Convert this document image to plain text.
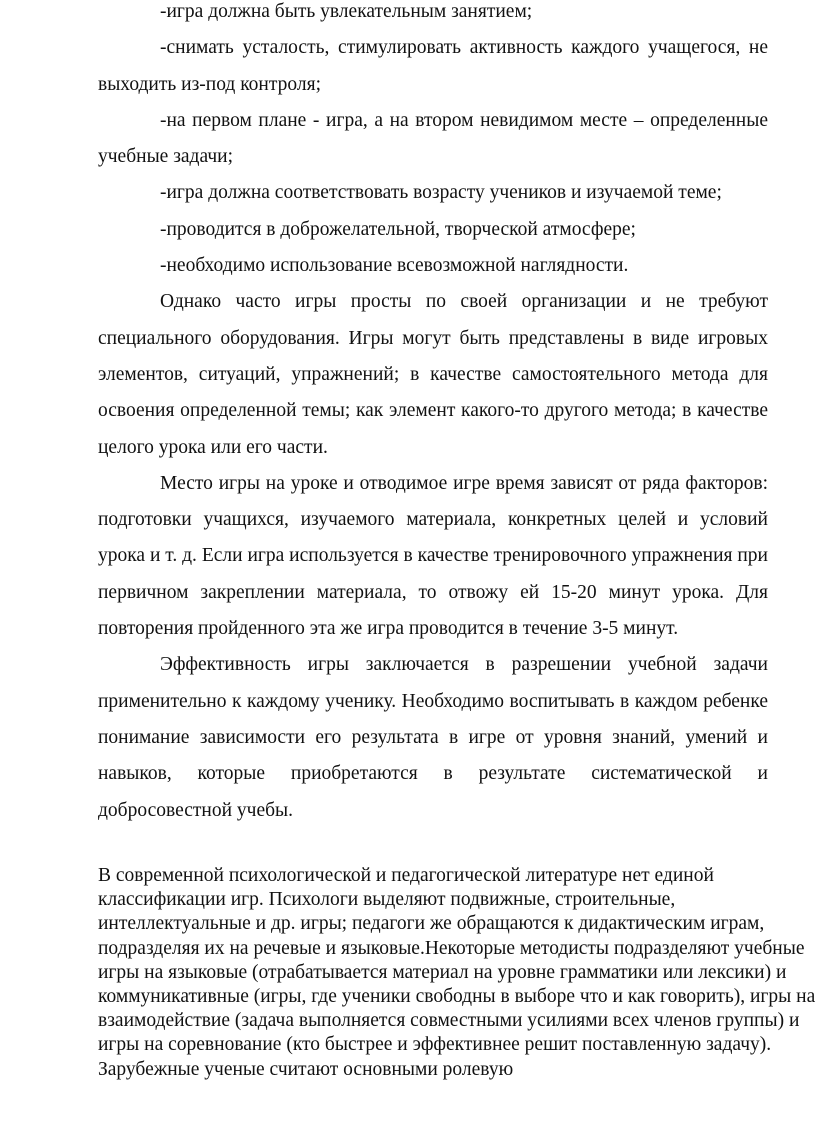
-игра должна быть увлекательным занятием;

-снимать усталость, стимулировать активность каждого учащегося, не выходить из-под контроля;

-на первом плане - игра, а на втором невидимом месте – определенные учебные задачи;

-игра должна соответствовать возрасту учеников и изучаемой теме;

-проводится в доброжелательной, творческой атмосфере;

-необходимо использование всевозможной наглядности.

Однако часто игры просты по своей организации и не требуют специального оборудования. Игры могут быть представлены в виде игровых элементов, ситуаций, упражнений; в качестве самостоятельного метода для освоения определенной темы; как элемент какого-то другого метода; в качестве целого урока или его части.

Место игры на уроке и отводимое игре время зависят от ряда факторов: подготовки учащихся, изучаемого материала, конкретных целей и условий урока и т. д. Если игра используется в качестве тренировочного упражнения при первичном закреплении материала, то отвожу ей 15-20 минут урока. Для повторения пройденного эта же игра проводится в течение 3-5 минут.

Эффективность игры заключается в разрешении учебной задачи применительно к каждому ученику. Необходимо воспитывать в каждом ребенке понимание зависимости его результата в игре от уровня знаний, умений и навыков, которые приобретаются в результате систематической и добросовестной учебы.

В современной психологической и педагогической литературе нет единой классификации игр. Психологи выделяют подвижные, строительные, интеллектуальные и др. игры; педагоги же обращаются к дидактическим играм, подразделяя их на речевые и языковые.Некоторые методисты подразделяют учебные игры на языковые (отрабатывается материал на уровне грамматики или лексики) и коммуникативные (игры, где ученики свободны в выборе что и как говорить), игры на взаимодействие (задача выполняется совместными усилиями всех членов группы) и игры на соревнование (кто быстрее и эффективнее решит поставленную задачу). Зарубежные ученые считают основными ролевую
